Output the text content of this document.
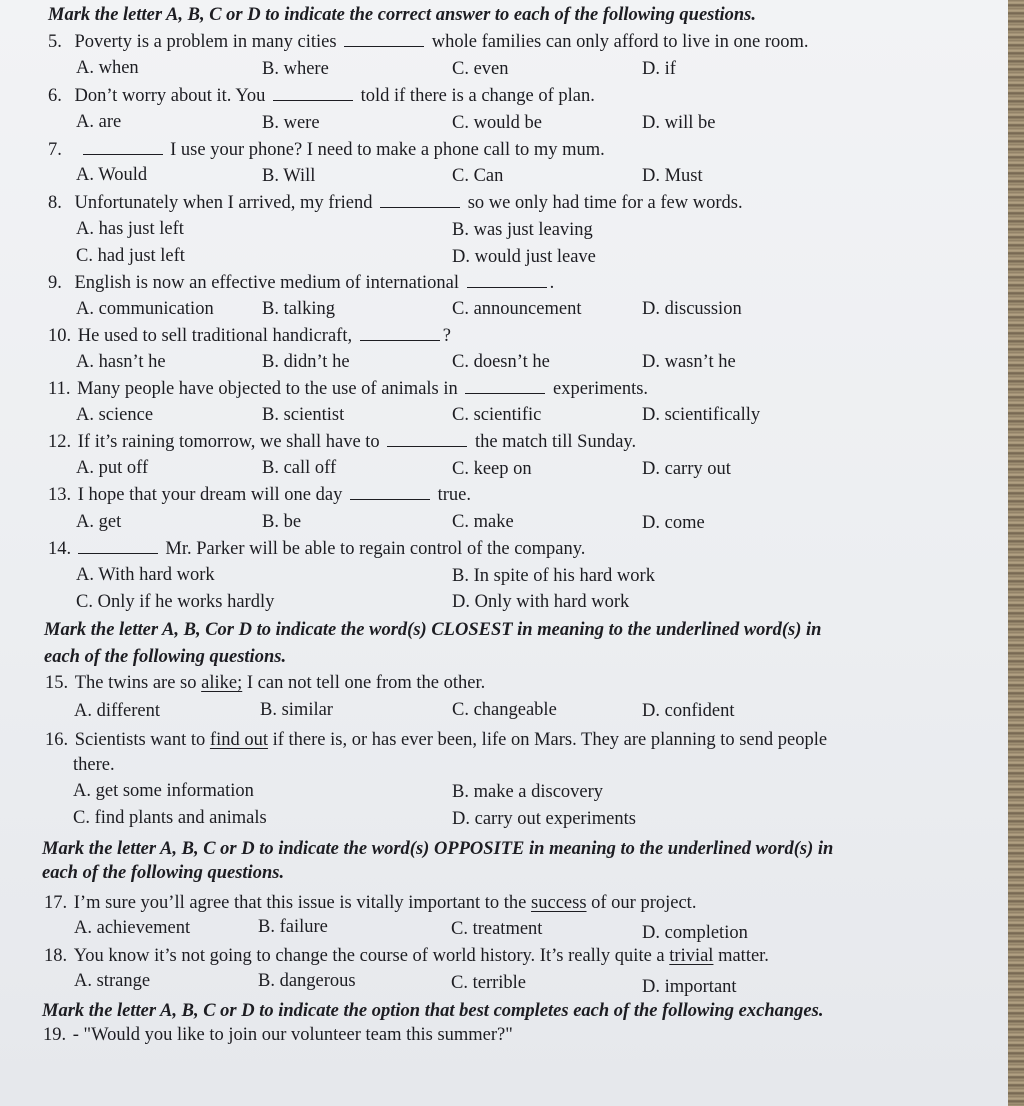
Mark the letter A, B, C or D to indicate the correct answer to each of the following questions.
5. Poverty is a problem in many cities	whole families can only afford to live in one room.
A. when	B. where	C. even	D. if
6. Don’t worry about it. You	told if there is a change of plan.
A. are	B. were	C. would be	D. will be
7.	I use your phone? I need to make a phone call to my mum.
A. Would	B. Will	C. Can	D. Must
8. Unfortunately when I arrived, my friend	so we only had time for a few words.
A. has just left	B. was just leaving
C. had just left	D. would just leave
9. English is now an effective medium of international	.
A. communication	B. talking	C. announcement	D. discussion
10. He used to sell traditional handicraft,	?
A. hasn’t he	B. didn’t he	C. doesn’t he	D. wasn’t he
11. Many people have objected to the use of animals in	experiments.
A. science	B. scientist	C. scientific	D. scientifically
12. If it’s raining tomorrow, we shall have to	the match till Sunday.
A. put off	B. call off	C. keep on	D. carry out
13. I hope that your dream will one day	true.
A. get	B. be	C. make	D. come
14.	Mr. Parker will be able to regain control of the company.
A. With hard work	B. In spite of his hard work
C. Only if he works hardly	D. Only with hard work
Mark the letter A, B, Cor D to indicate the word(s) CLOSEST in meaning to the underlined word(s) in
each of the following questions.
15. The twins are so alike; I can not tell one from the other.
A. different	B. similar	C. changeable	D. confident
16. Scientists want to find out if there is, or has ever been, life on Mars. They are planning to send people
there.
A. get some information	B. make a discovery
C. find plants and animals	D. carry out experiments
Mark the letter A, B, C or D to indicate the word(s) OPPOSITE in meaning to the underlined word(s) in
each of the following questions.
17. I’m sure you’ll agree that this issue is vitally important to the success of our project.
A. achievement	B. failure	C. treatment	D. completion
18. You know it’s not going to change the course of world history. It’s really quite a trivial matter.
A. strange	B. dangerous	C. terrible	D. important
Mark the letter A, B, C or D to indicate the option that best completes each of the following exchanges.
19. - "Would you like to join our volunteer team this summer?"
